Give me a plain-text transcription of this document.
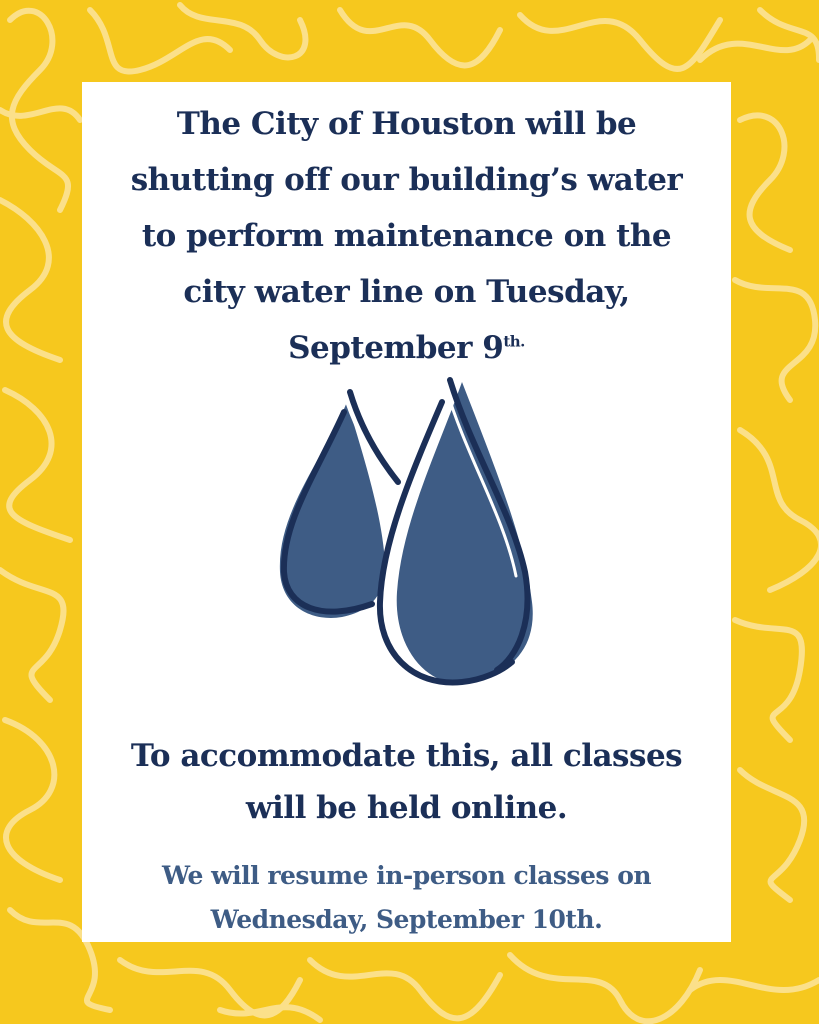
The City of Houston will be
shutting off our building’s water
to perform maintenance on the
city water line on Tuesday,
September $9^{th.}$

To accommodate this, all classes
will be held online.

We will resume in-person classes on
Wednesday, September 10th.
